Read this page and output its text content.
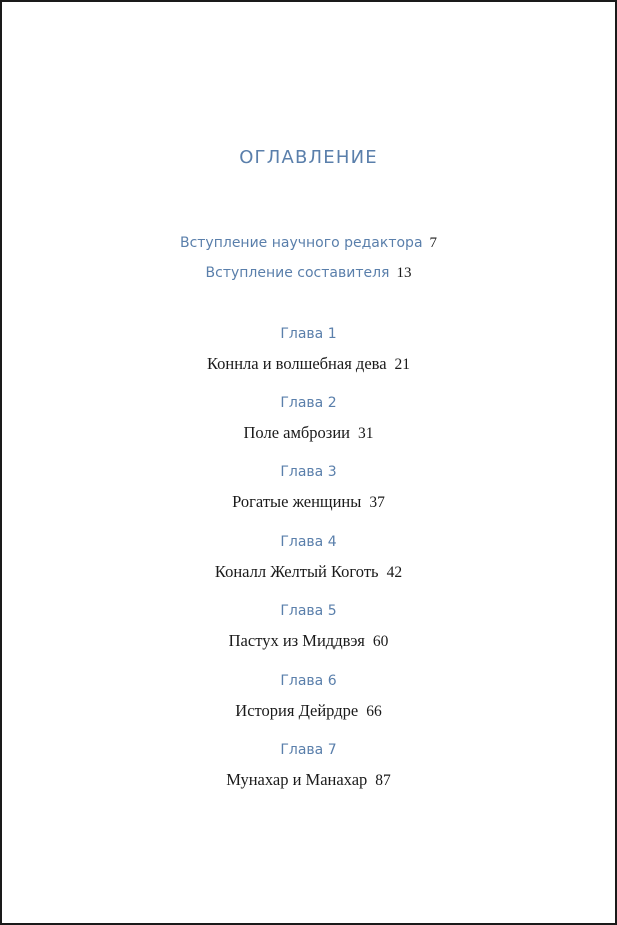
ОГЛАВЛЕНИЕ
Вступление научного редактора 7
Вступление составителя 13
Глава 1
Коннла и волшебная дева 21
Глава 2
Поле амброзии 31
Глава 3
Рогатые женщины 37
Глава 4
Коналл Желтый Коготь 42
Глава 5
Пастух из Миддвэя 60
Глава 6
История Дейрдре 66
Глава 7
Мунахар и Манахар 87
